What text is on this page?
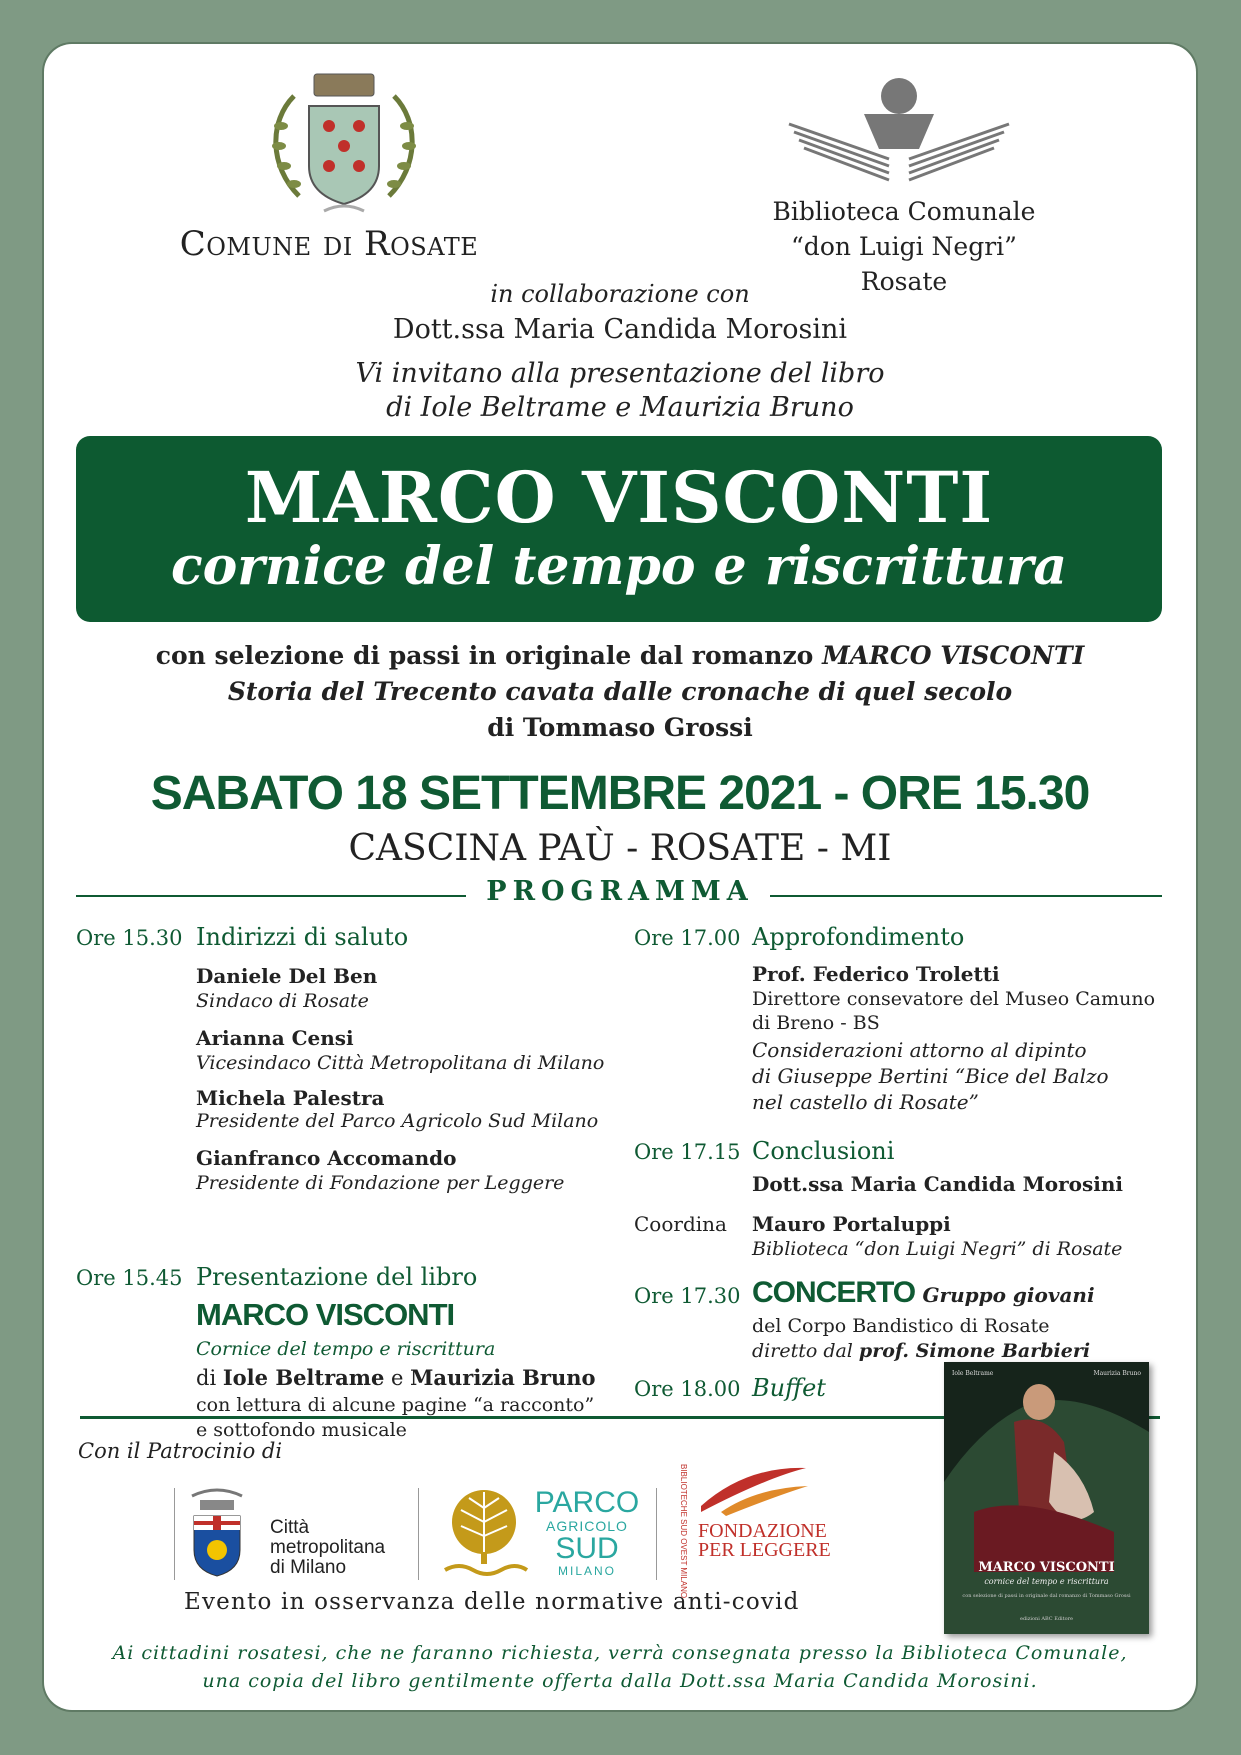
Comune di Rosate
Biblioteca Comunale
“don Luigi Negri” Rosate
in collaborazione con
Dott.ssa Maria Candida Morosini
Vi invitano alla presentazione del libro
di Iole Beltrame e Maurizia Bruno
MARCO VISCONTI
cornice del tempo e riscrittura
con selezione di passi in originale dal romanzo MARCO VISCONTI
Storia del Trecento cavata dalle cronache di quel secolo
di Tommaso Grossi
SABATO 18 SETTEMBRE 2021 - ORE 15.30
CASCINA PAÙ - ROSATE - MI
PROGRAMMA
Ore 15.30 Indirizzi di saluto
Daniele Del Ben
Sindaco di Rosate
Arianna Censi
Vicesindaco Città Metropolitana di Milano
Michela Palestra
Presidente del Parco Agricolo Sud Milano
Gianfranco Accomando
Presidente di Fondazione per Leggere
Ore 15.45 Presentazione del libro
MARCO VISCONTI
Cornice del tempo e riscrittura
di Iole Beltrame e Maurizia Bruno
con lettura di alcune pagine “a racconto”
e sottofondo musicale
Ore 17.00 Approfondimento
Prof. Federico Troletti
Direttore consevatore del Museo Camuno
di Breno - BS
Considerazioni attorno al dipinto
di Giuseppe Bertini “Bice del Balzo
nel castello di Rosate”
Ore 17.15 Conclusioni
Dott.ssa Maria Candida Morosini
Coordina Mauro Portaluppi
Biblioteca “don Luigi Negri” di Rosate
Ore 17.30 CONCERTO Gruppo giovani
del Corpo Bandistico di Rosate
diretto dal prof. Simone Barbieri
Ore 18.00 Buffet
Con il Patrocinio di
Città
metropolitana
di Milano
PARCO
AGRICOLO
SUD
MILANO	BIBLIOTECHE SUD OVEST MILANO FONDAZIONE
PER LEGGERE
Evento in osservanza delle normative anti-covid
Iole Beltrame	Maurizia Bruno
MARCO VISCONTI
cornice del tempo e riscrittura
con selezione di passi in originale dal romanzo di Tommaso Grossi
edizioni ABC Editore
Ai cittadini rosatesi, che ne faranno richiesta, verrà consegnata presso la Biblioteca Comunale,
una copia del libro gentilmente offerta dalla Dott.ssa Maria Candida Morosini.
